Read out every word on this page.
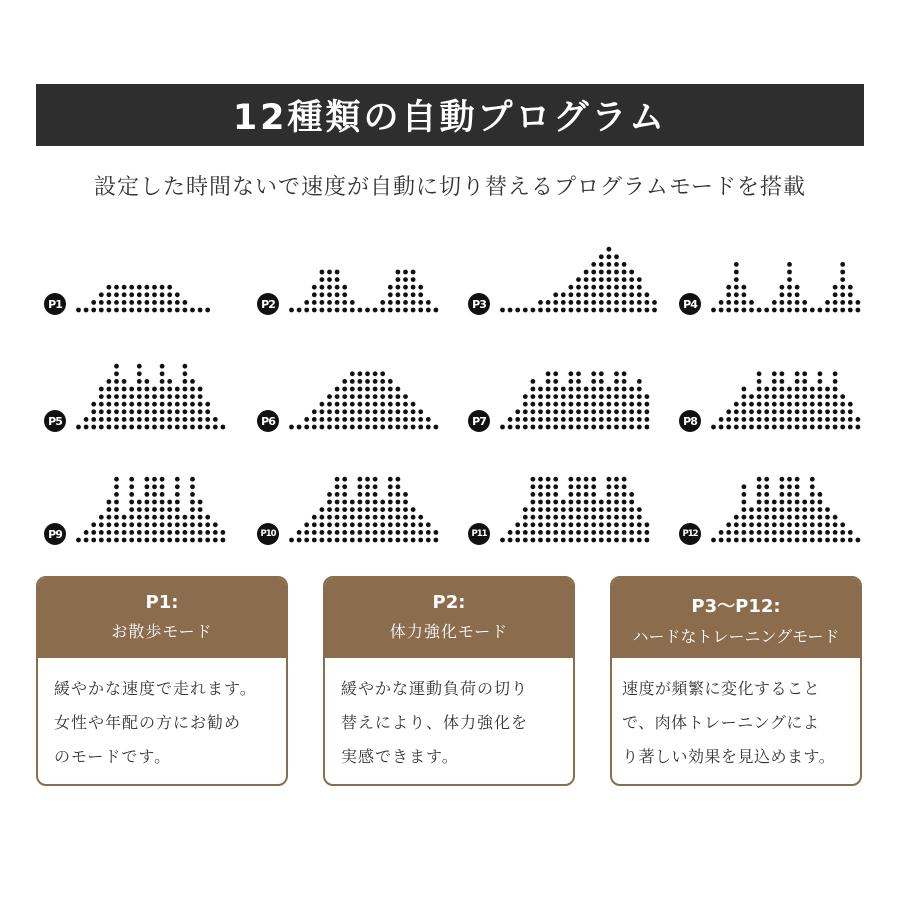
12種類の自動プログラム
設定した時間ないで速度が自動に切り替えるプログラムモードを搭載
P1	P2	P3	P4
P5	P6	P7	P8
P9	P10	P11	P12
P1:
お散歩モード
緩やかな速度で走れます。
女性や年配の方にお勧め
のモードです。
P2:
体力強化モード
緩やかな運動負荷の切り
替えにより、体力強化を
実感できます。
P3〜P12:
ハードなトレーニングモード
速度が頻繁に変化すること
で、肉体トレーニングによ
り著しい効果を見込めます。
